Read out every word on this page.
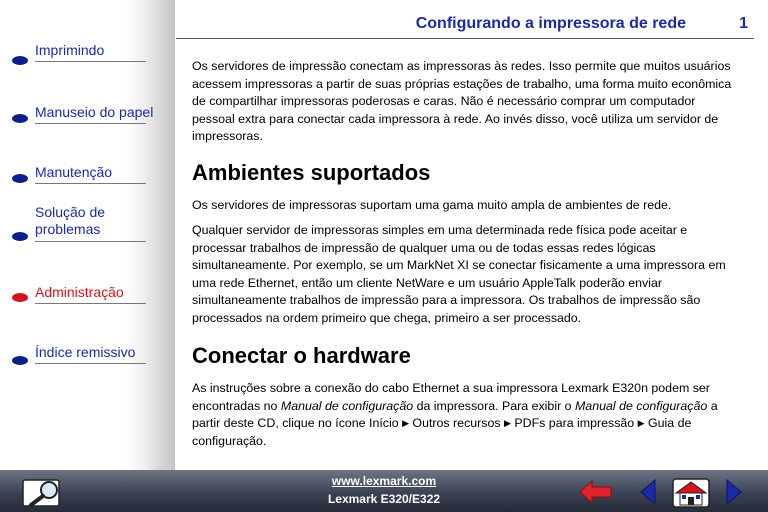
Imprimindo
Manuseio do papel
Manutenção
Solução de
problemas
Administração
Índice remissivo
Configurando a impressora de rede	1

Os servidores de impressão conectam as impressoras às redes. Isso permite que muitos usuários acessem impressoras a partir de suas próprias estações de trabalho, uma forma muito econômica de compartilhar impressoras poderosas e caras. Não é necessário comprar um computador pessoal extra para conectar cada impressora à rede. Ao invés disso, você utiliza um servidor de impressoras.

Ambientes suportados

Os servidores de impressoras suportam uma gama muito ampla de ambientes de rede.

Qualquer servidor de impressoras simples em uma determinada rede física pode aceitar e processar trabalhos de impressão de qualquer uma ou de todas essas redes lógicas simultaneamente. Por exemplo, se um MarkNet XI se conectar fisicamente a uma impressora em uma rede Ethernet, então um cliente NetWare e um usuário AppleTalk poderão enviar simultaneamente trabalhos de impressão para a impressora. Os trabalhos de impressão são processados na ordem primeiro que chega, primeiro a ser processado.

Conectar o hardware

As instruções sobre a conexão do cabo Ethernet a sua impressora Lexmark E320n podem ser encontradas no Manual de configuração da impressora. Para exibir o Manual de configuração a partir deste CD, clique no ícone Início ▶ Outros recursos ▶ PDFs para impressão ▶ Guia de configuração.

www.lexmark.com
Lexmark E320/E322
